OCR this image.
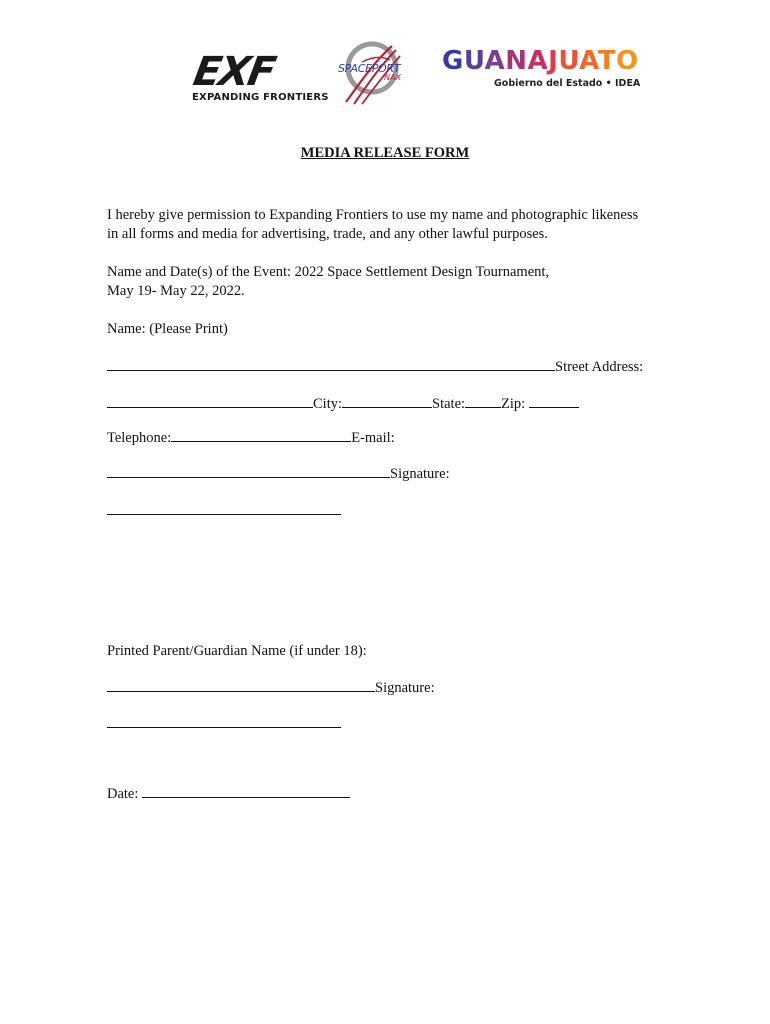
EXF
EXPANDING FRONTIERS
SPACEPORT
NAX
GUANAJUATO
Gobierno del Estado • IDEA
MEDIA RELEASE FORM
I hereby give permission to Expanding Frontiers to use my name and photographic likeness
in all forms and media for advertising, trade, and any other lawful purposes.
Name and Date(s) of the Event: 2022 Space Settlement Design Tournament,
May 19- May 22, 2022.
Name: (Please Print)
Street Address:
City:	State: Zip:
Telephone:	E-mail:
Signature:
Printed Parent/Guardian Name (if under 18):
Signature:
Date:
